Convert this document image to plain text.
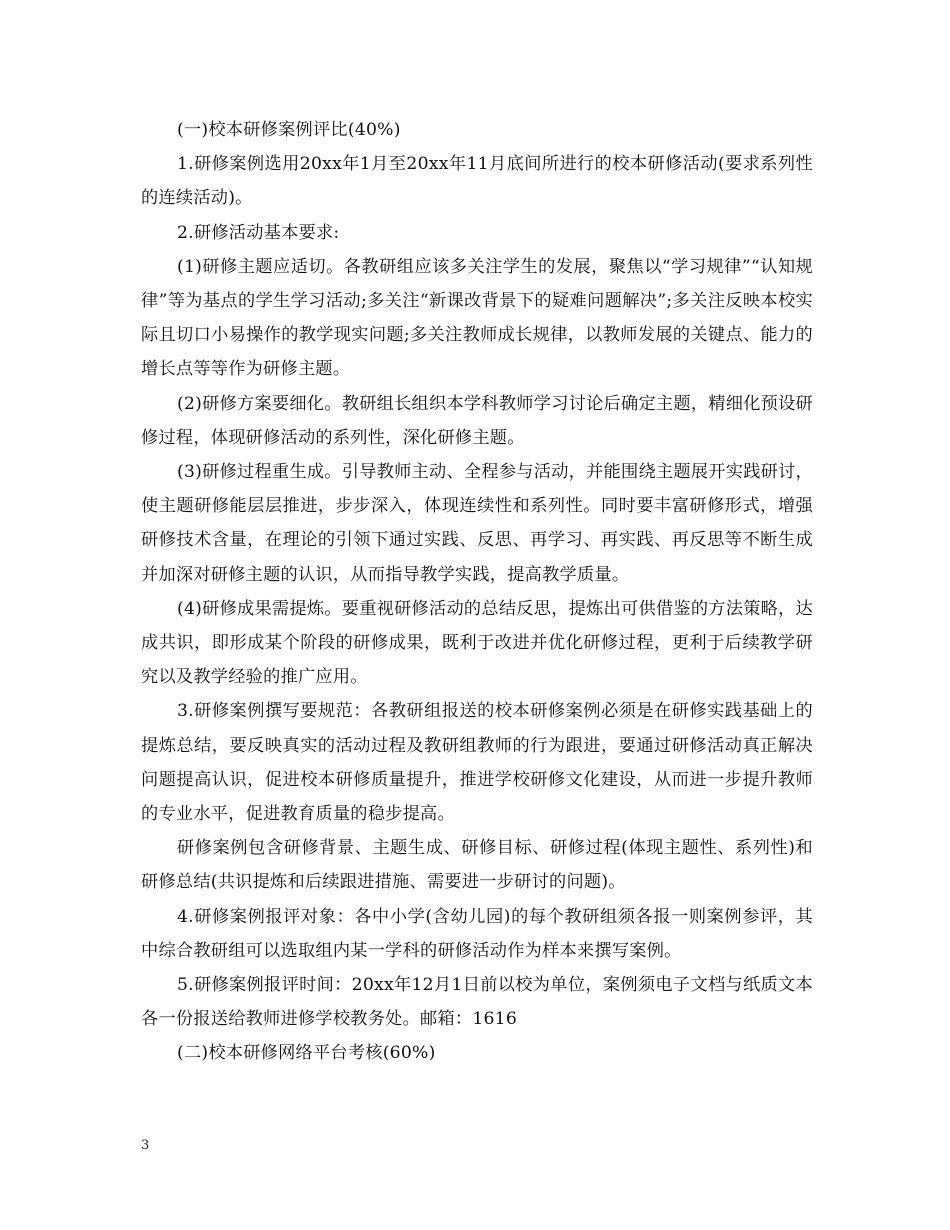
(一)校本研修案例评比(40%)

1.研修案例选用20xx年1月至20xx年11月底间所进行的校本研修活动(要求系列性的连续活动)。

2.研修活动基本要求:

(1)研修主题应适切。各教研组应该多关注学生的发展，聚焦以“学习规律”“认知规律”等为基点的学生学习活动;多关注“新课改背景下的疑难问题解决”;多关注反映本校实际且切口小易操作的教学现实问题;多关注教师成长规律，以教师发展的关键点、能力的增长点等等作为研修主题。

(2)研修方案要细化。教研组长组织本学科教师学习讨论后确定主题，精细化预设研修过程，体现研修活动的系列性，深化研修主题。

(3)研修过程重生成。引导教师主动、全程参与活动，并能围绕主题展开实践研讨，使主题研修能层层推进，步步深入，体现连续性和系列性。同时要丰富研修形式，增强研修技术含量，在理论的引领下通过实践、反思、再学习、再实践、再反思等不断生成并加深对研修主题的认识，从而指导教学实践，提高教学质量。

(4)研修成果需提炼。要重视研修活动的总结反思，提炼出可供借鉴的方法策略，达成共识，即形成某个阶段的研修成果，既利于改进并优化研修过程，更利于后续教学研究以及教学经验的推广应用。

3.研修案例撰写要规范：各教研组报送的校本研修案例必须是在研修实践基础上的提炼总结，要反映真实的活动过程及教研组教师的行为跟进，要通过研修活动真正解决问题提高认识，促进校本研修质量提升，推进学校研修文化建设，从而进一步提升教师的专业水平，促进教育质量的稳步提高。

研修案例包含研修背景、主题生成、研修目标、研修过程(体现主题性、系列性)和研修总结(共识提炼和后续跟进措施、需要进一步研讨的问题)。

4.研修案例报评对象：各中小学(含幼儿园)的每个教研组须各报一则案例参评，其中综合教研组可以选取组内某一学科的研修活动作为样本来撰写案例。

5.研修案例报评时间：20xx年12月1日前以校为单位，案例须电子文档与纸质文本各一份报送给教师进修学校教务处。邮箱：1616

(二)校本研修网络平台考核(60%)

3
